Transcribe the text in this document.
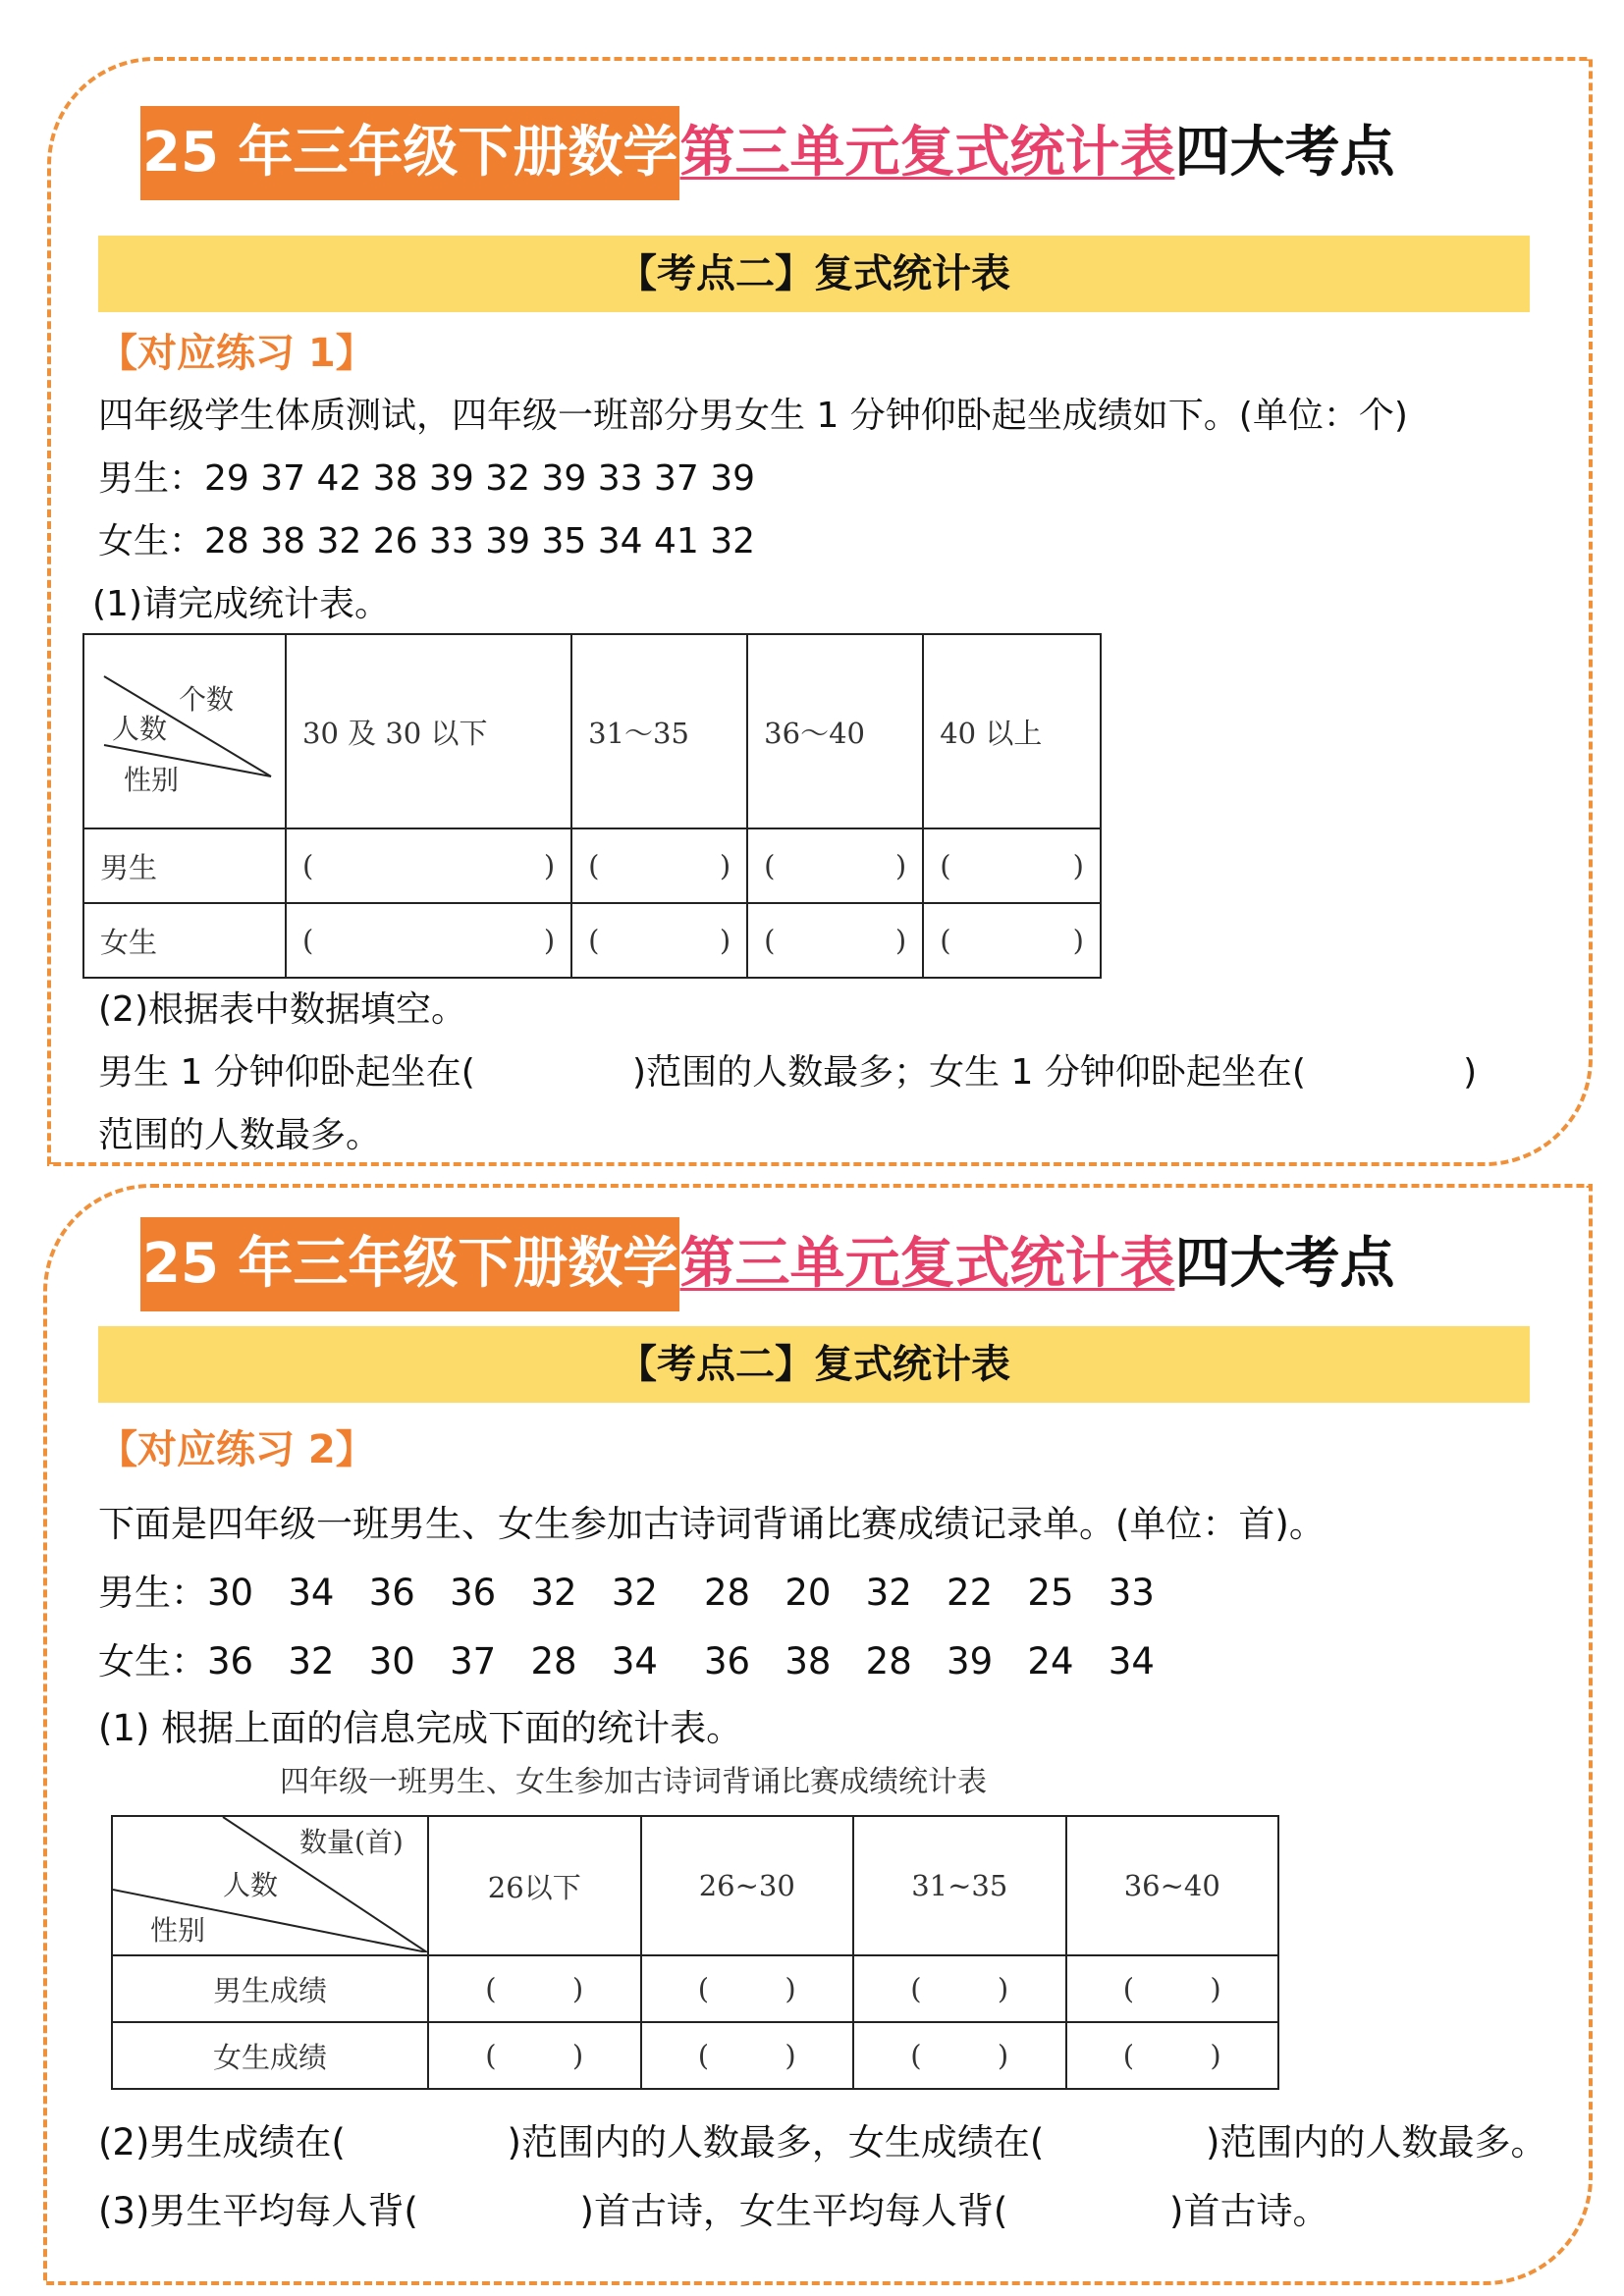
25 年三年级下册数学 第三单元复式统计表 四大考点
【考点二】复式统计表
【对应练习 1】
四年级学生体质测试，四年级一班部分男女生 1 分钟仰卧起坐成绩如下。(单位：个)
男生：29 37 42 38 39 32 39 33 37 39
女生：28 38 32 26 33 39 35 34 41 32
(1)请完成统计表。
个数
人数
性别	30 及 30 以下	31～35	36～40	40 以上
男生	( )	( )	( )	( )

女生	( )	( )	( )	( )
(2)根据表中数据填空。
男生 1 分钟仰卧起坐在(              )范围的人数最多；女生 1 分钟仰卧起坐在(              )
范围的人数最多。
25 年三年级下册数学 第三单元复式统计表 四大考点
【考点二】复式统计表
【对应练习 2】
下面是四年级一班男生、女生参加古诗词背诵比赛成绩记录单。(单位：首)。
男生：30   34   36   36   32   32    28   20   32   22   25   33
女生：36   32   30   37   28   34    36   38   28   39   24   34
(1) 根据上面的信息完成下面的统计表。
四年级一班男生、女生参加古诗词背诵比赛成绩统计表
数量(首)
人数
性别	26以下	26~30	31~35	36~40
男生成绩	( )	( )	( )	( )

女生成绩	( )	( )	( )	( )
(2)男生成绩在(              )范围内的人数最多，女生成绩在(              )范围内的人数最多。
(3)男生平均每人背(              )首古诗，女生平均每人背(              )首古诗。
